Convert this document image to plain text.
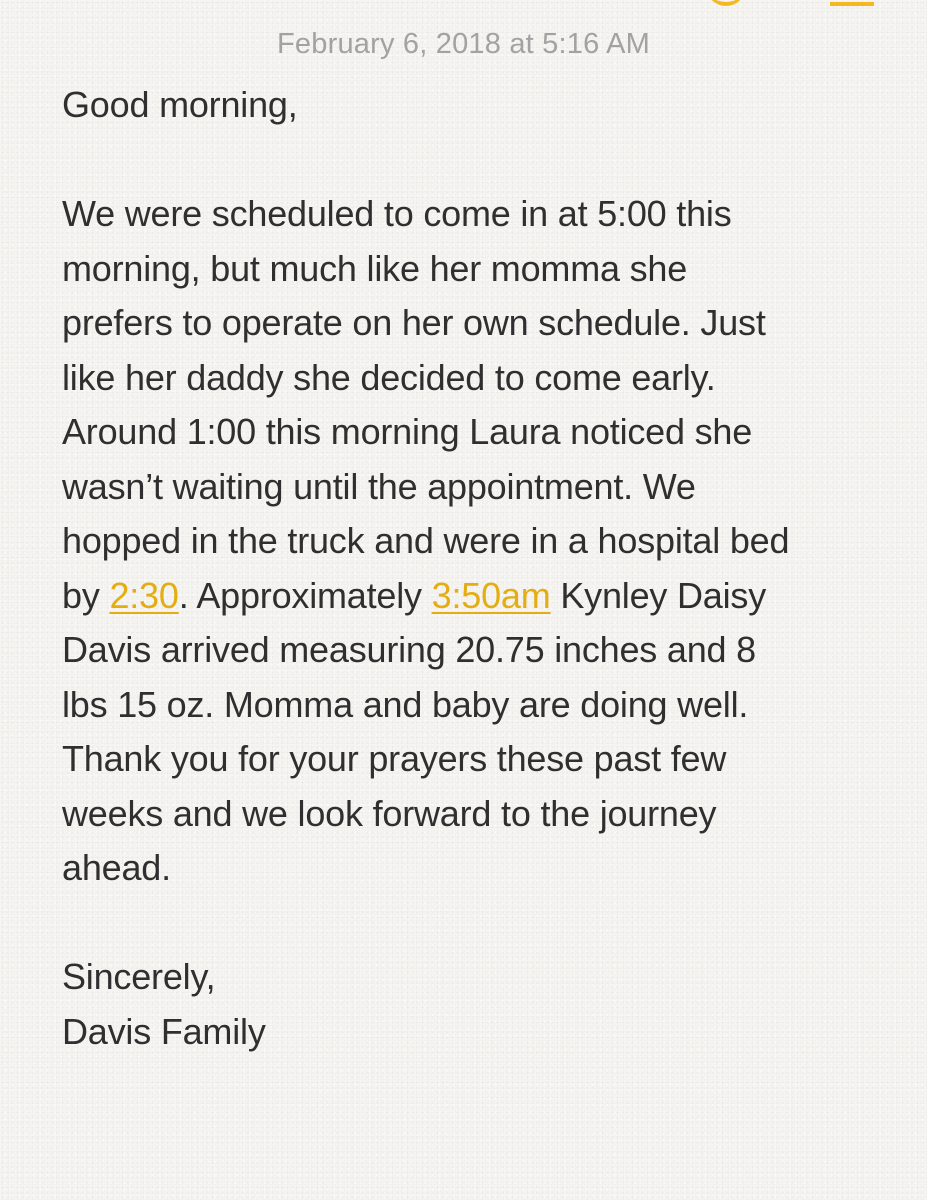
February 6, 2018 at 5:16 AM

Good morning,

We were scheduled to come in at 5:00 this

morning, but much like her momma she

prefers to operate on her own schedule. Just

like her daddy she decided to come early.

Around 1:00 this morning Laura noticed she

wasn’t waiting until the appointment. We

hopped in the truck and were in a hospital bed

by 2:30. Approximately 3:50am Kynley Daisy

Davis arrived measuring 20.75 inches and 8

lbs 15 oz. Momma and baby are doing well.

Thank you for your prayers these past few

weeks and we look forward to the journey

ahead.

Sincerely,

Davis Family
